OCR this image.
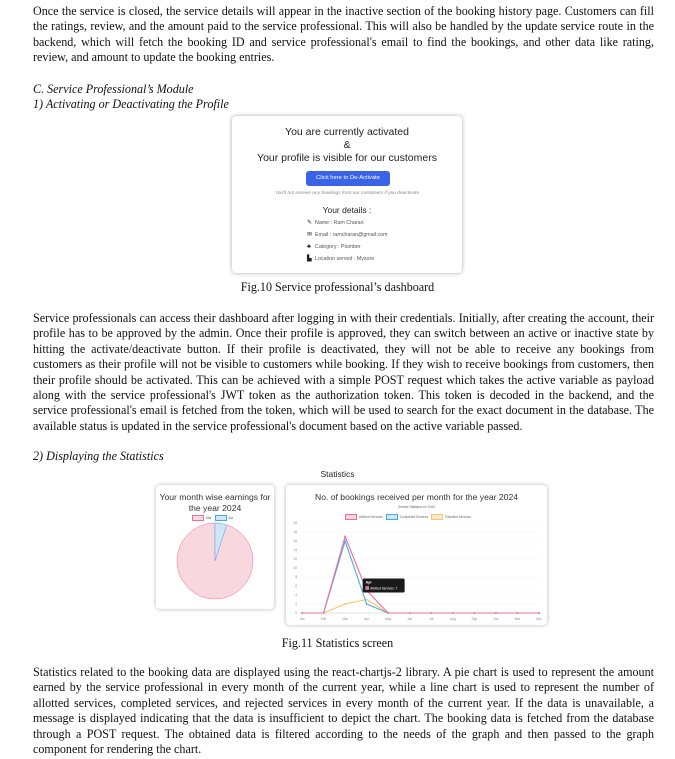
Once the service is closed, the service details will appear in the inactive section of the booking history page. Customers can fill the ratings, review, and the amount paid to the service professional. This will also be handled by the update service route in the backend, which will fetch the booking ID and service professional's email to find the bookings, and other data like rating, review, and amount to update the booking entries.

C. Service Professional’s Module
1) Activating or Deactivating the Profile
You are currently activated
&
Your profile is visible for our customers
Click here to De-Activate
You'll not receive any bookings from our customers if you deactivate
Your details :
✎ Name : Ram Charan
✉ Email : ramcharan@gmail.com
♣ Category : Plumber
▙ Location served : Mysore
Fig.10 Service professional’s dashboard

Service professionals can access their dashboard after logging in with their credentials. Initially, after creating the account, their profile has to be approved by the admin. Once their profile is approved, they can switch between an active or inactive state by hitting the activate/deactivate button. If their profile is deactivated, they will not be able to receive any bookings from customers as their profile will not be visible to customers while booking. If they wish to receive bookings from customers, then their profile should be activated. This can be achieved with a simple POST request which takes the active variable as payload along with the service professional's JWT token as the authorization token. This token is decoded in the backend, and the service professional's email is fetched from the token, which will be used to search for the exact document in the database. The available status is updated in the service professional's document based on the active variable passed.

2) Displaying the Statistics
Statistics
Your month wise earnings for the year 2024
Mar	Apr
No. of bookings received per month for the year 2024
Service Statistics for 2024
Allotted Services	Completed Services	Rejected Services
0
2
4
6
8
10
12
14
16
18
20
Jan	Feb	Mar	Apr	May	Jun	Jul	Aug	Sep	Oct	Nov	Dec
Apr
Allotted Services: 7
Fig.11 Statistics screen

Statistics related to the booking data are displayed using the react-chartjs-2 library. A pie chart is used to represent the amount earned by the service professional in every month of the current year, while a line chart is used to represent the number of allotted services, completed services, and rejected services in every month of the current year. If the data is unavailable, a message is displayed indicating that the data is insufficient to depict the chart. The booking data is fetched from the database through a POST request. The obtained data is filtered according to the needs of the graph and then passed to the graph component for rendering the chart.
